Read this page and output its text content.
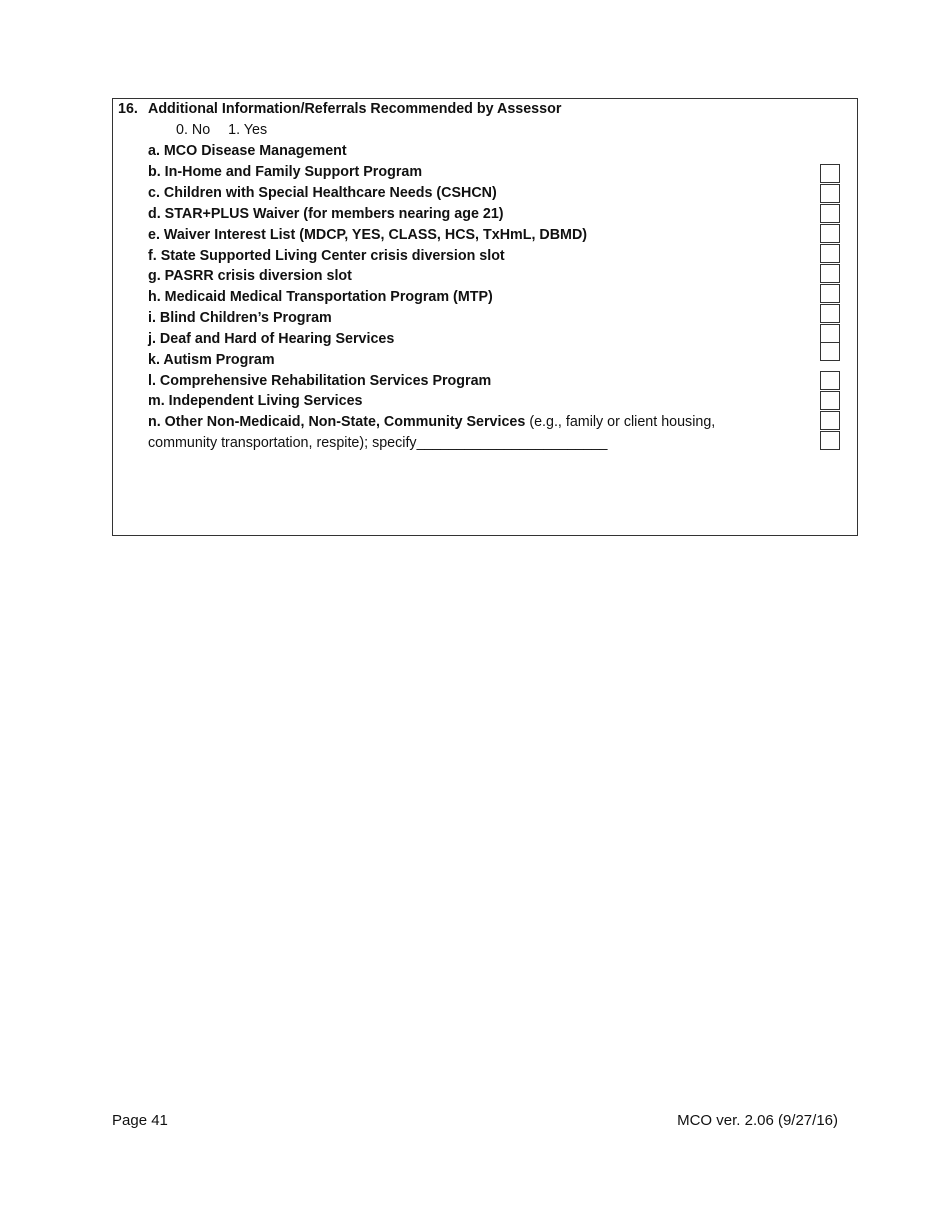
16. Additional Information/Referrals Recommended by Assessor
0. No 1. Yes
a. MCO Disease Management
b. In-Home and Family Support Program
c. Children with Special Healthcare Needs (CSHCN)
d. STAR+PLUS Waiver (for members nearing age 21)
e. Waiver Interest List (MDCP, YES, CLASS, HCS, TxHmL, DBMD)
f. State Supported Living Center crisis diversion slot
g. PASRR crisis diversion slot
h. Medicaid Medical Transportation Program (MTP)
i. Blind Children’s Program
j. Deaf and Hard of Hearing Services
k. Autism Program
l. Comprehensive Rehabilitation Services Program
m. Independent Living Services
n. Other Non-Medicaid, Non-State, Community Services (e.g., family or client housing,
community transportation, respite); specify________________________
Page 41	MCO ver. 2.06 (9/27/16)
